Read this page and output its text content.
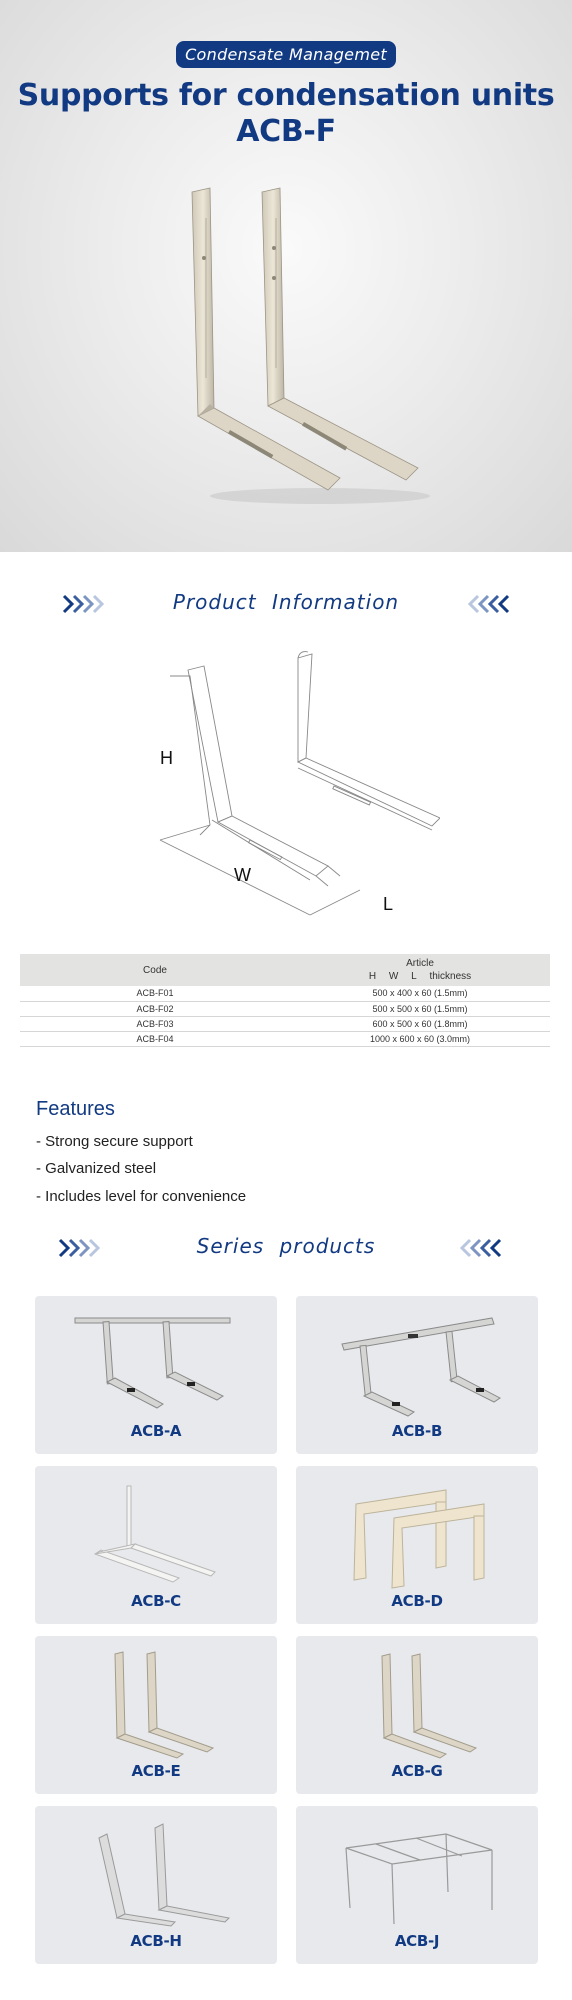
Condensate Managemet
Supports for condensation units
ACB-F
Product Information
H
W
L
Code	Article
H W L thickness

ACB-F01	500 x 400 x 60 (1.5mm)
ACB-F02	500 x 500 x 60 (1.5mm)
ACB-F03	600 x 500 x 60 (1.8mm)
ACB-F04	1000 x 600 x 60 (3.0mm)
Features
- Strong secure support
- Galvanized steel
- Includes level for convenience
Series products
ACB-A	ACB-B
ACB-C	ACB-D
ACB-E	ACB-G
ACB-H	ACB-J
